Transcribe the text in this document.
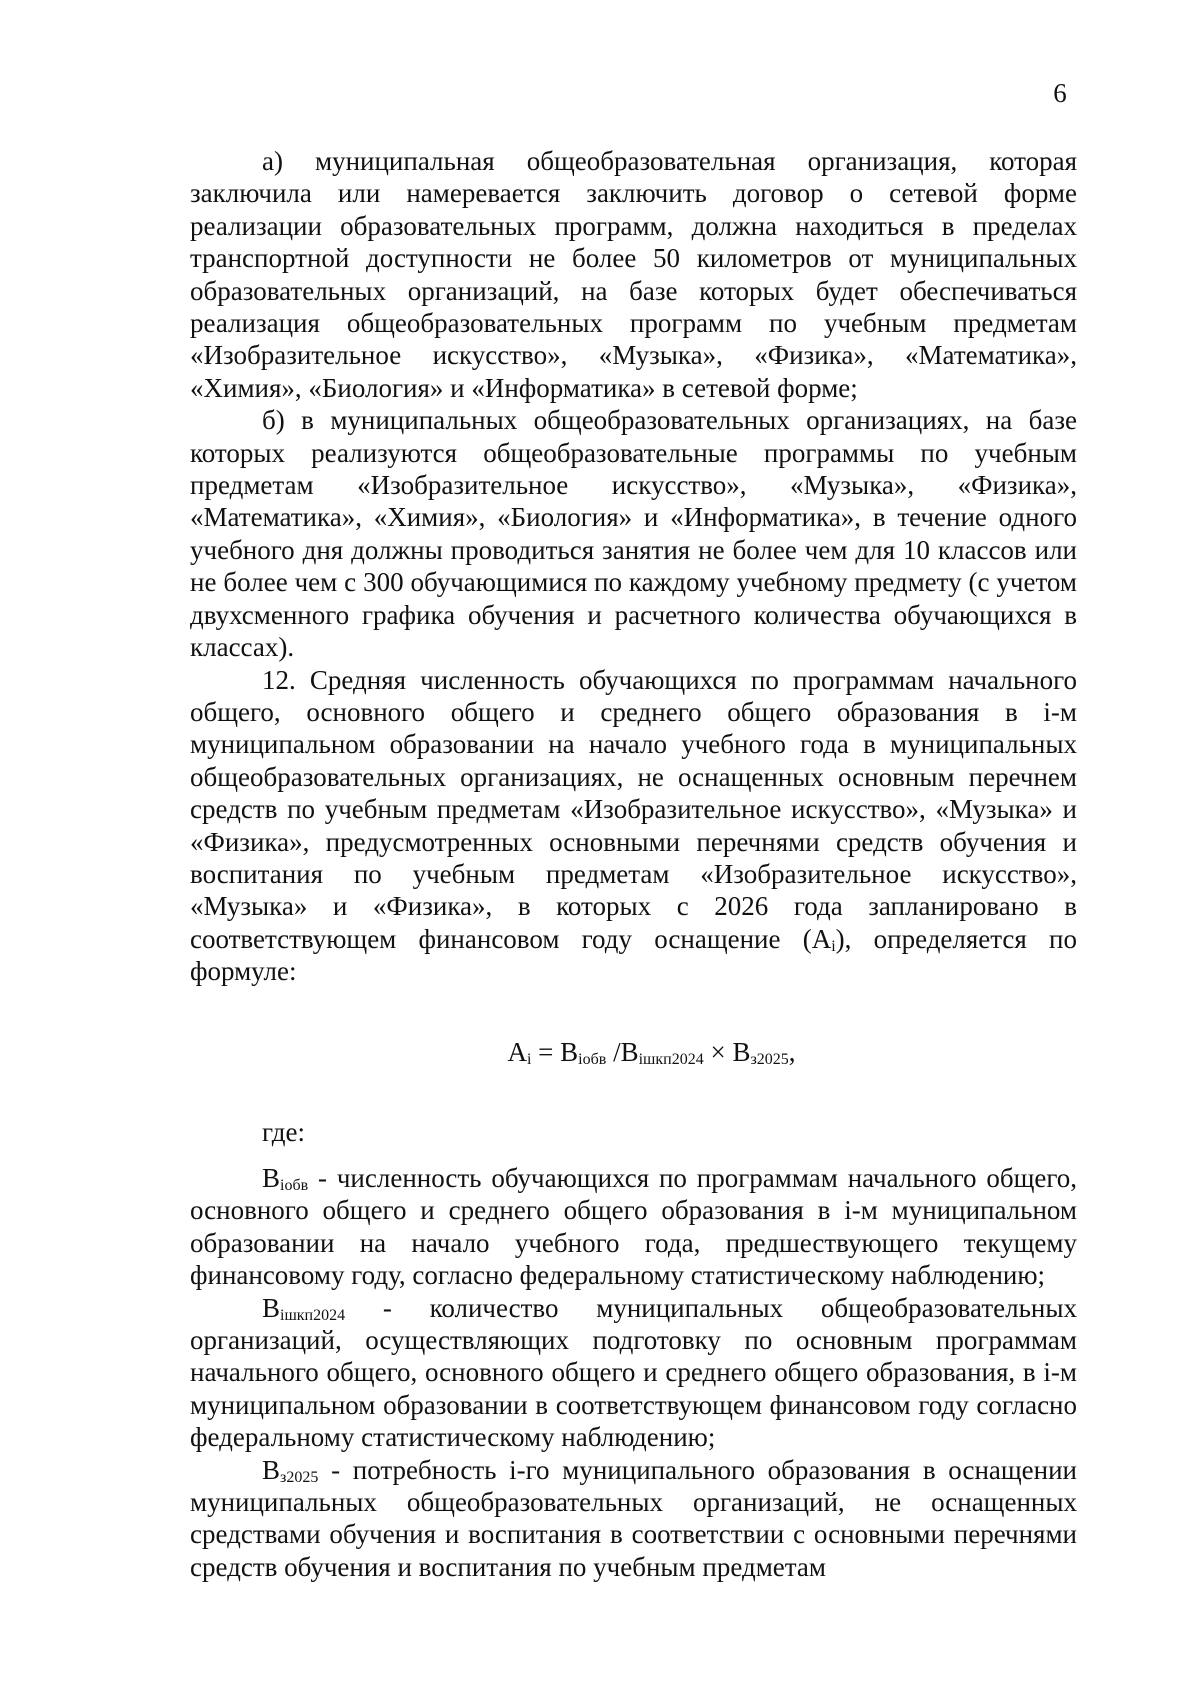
6

а) муниципальная общеобразовательная организация, которая заключила или намеревается заключить договор о сетевой форме реализации образовательных программ, должна находиться в пределах транспортной доступности не более 50 километров от муниципальных образовательных организаций, на базе которых будет обеспечиваться реализация общеобразовательных программ по учебным предметам «Изобразительное искусство», «Музыка», «Физика», «Математика», «Химия», «Биология» и «Информатика» в сетевой форме;

б) в муниципальных общеобразовательных организациях, на базе которых реализуются общеобразовательные программы по учебным предметам «Изобразительное искусство», «Музыка», «Физика», «Математика», «Химия», «Биология» и «Информатика», в течение одного учебного дня должны проводиться занятия не более чем для 10 классов или не более чем с 300 обучающимися по каждому учебному предмету (с учетом двухсменного графика обучения и расчетного количества обучающихся в классах).

12. Средняя численность обучающихся по программам начального общего, основного общего и среднего общего образования в i-м муниципальном образовании на начало учебного года в муниципальных общеобразовательных организациях, не оснащенных основным перечнем средств по учебным предметам «Изобразительное искусство», «Музыка» и «Физика», предусмотренных основными перечнями средств обучения и воспитания по учебным предметам «Изобразительное искусство», «Музыка» и «Физика», в которых с 2026 года запланировано в соответствующем финансовом году оснащение $(A_i)$, определяется по формуле:

$A_i = B_{iобв}$ $/B_{iшкп2024} \times B_{з2025}$,

где:

$B_{iобв}$ - численность обучающихся по программам начального общего, основного общего и среднего общего образования в i-м муниципальном образовании на начало учебного года, предшествующего текущему финансовому году, согласно федеральному статистическому наблюдению;

$B_{iшкп2024}$ - количество муниципальных общеобразовательных организаций, осуществляющих подготовку по основным программам начального общего, основного общего и среднего общего образования, в i-м муниципальном образовании в соответствующем финансовом году согласно федеральному статистическому наблюдению;

$B_{з2025}$ - потребность i-го муниципального образования в оснащении муниципальных общеобразовательных организаций, не оснащенных средствами обучения и воспитания в соответствии с основными перечнями средств обучения и воспитания по учебным предметам
